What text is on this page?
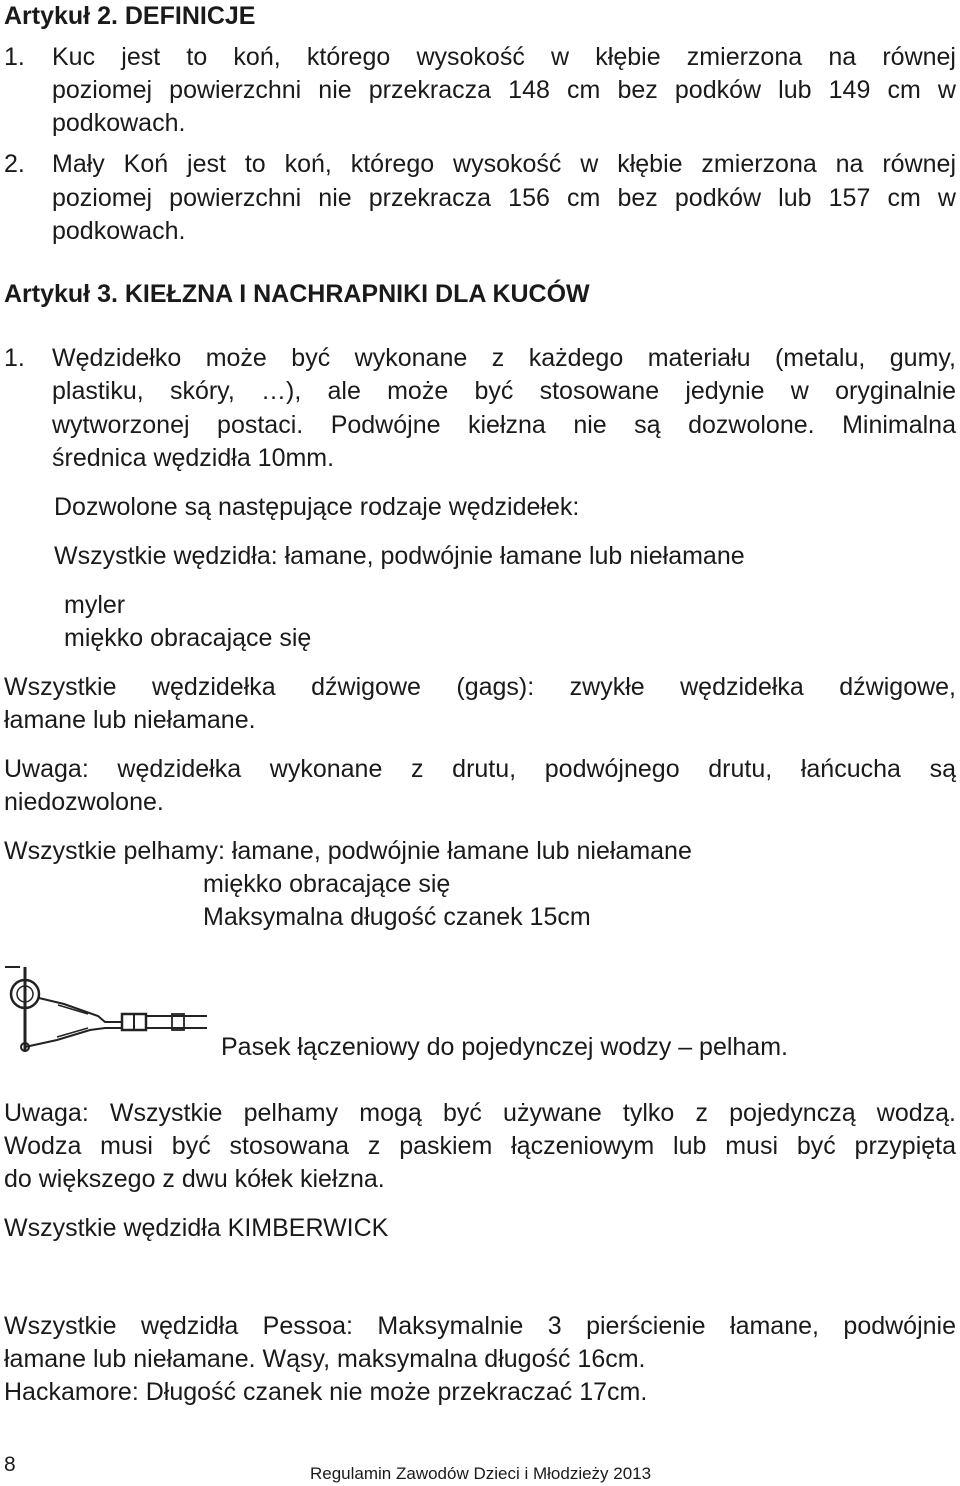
Artykuł 2. DEFINICJE

1. Kuc jest to koń, którego wysokość w kłębie zmierzona na równej

poziomej powierzchni nie przekracza 148 cm bez podków lub 149 cm w

podkowach.

2. Mały Koń jest to koń, którego wysokość w kłębie zmierzona na równej

poziomej powierzchni nie przekracza 156 cm bez podków lub 157 cm w

podkowach.

Artykuł 3. KIEŁZNA I NACHRAPNIKI DLA KUCÓW

1. Wędzidełko może być wykonane z każdego materiału (metalu, gumy,

plastiku, skóry, …), ale może być stosowane jedynie w oryginalnie

wytworzonej postaci. Podwójne kiełzna nie są dozwolone. Minimalna

średnica wędzidła 10mm.

Dozwolone są następujące rodzaje wędzidełek:

Wszystkie wędzidła: łamane, podwójnie łamane lub niełamane

myler

miękko obracające się

Wszystkie wędzidełka dźwigowe (gags): zwykłe wędzidełka dźwigowe,

łamane lub niełamane.

Uwaga: wędzidełka wykonane z drutu, podwójnego drutu, łańcucha są

niedozwolone.

Wszystkie pelhamy: łamane, podwójnie łamane lub niełamane

miękko obracające się

Maksymalna długość czanek 15cm

Pasek łączeniowy do pojedynczej wodzy – pelham.

Uwaga: Wszystkie pelhamy mogą być używane tylko z pojedynczą wodzą.

Wodza musi być stosowana z paskiem łączeniowym lub musi być przypięta

do większego z dwu kółek kiełzna.

Wszystkie wędzidła KIMBERWICK

Wszystkie wędzidła Pessoa: Maksymalnie 3 pierścienie łamane, podwójnie

łamane lub niełamane. Wąsy, maksymalna długość 16cm.

Hackamore: Długość czanek nie może przekraczać 17cm.

8	Regulamin Zawodów Dzieci i Młodzieży 2013
